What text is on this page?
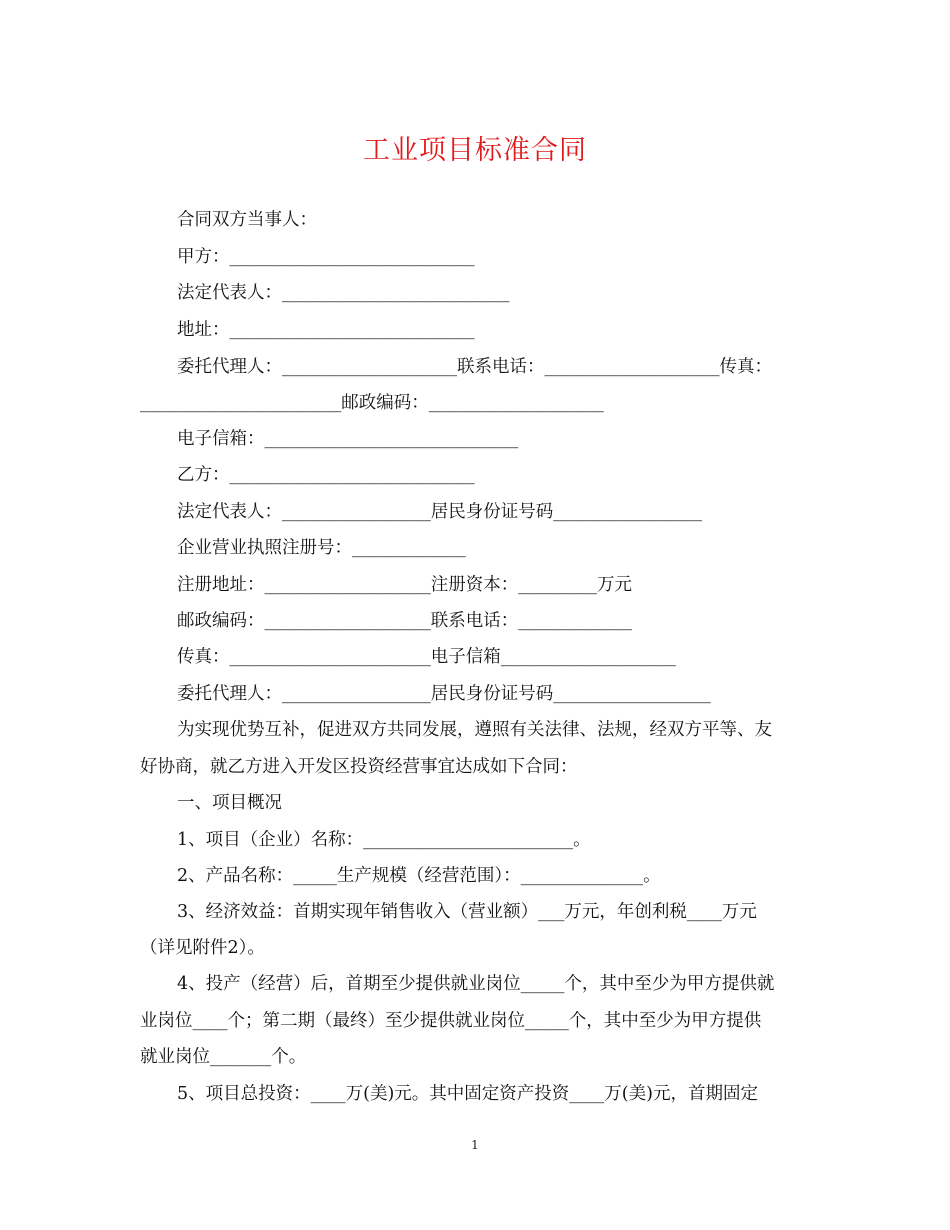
工业项目标准合同
合同双方当事人：
甲方：____________________________
法定代表人：__________________________
地址：____________________________
委托代理人：____________________联系电话：____________________传真：
_______________________邮政编码：____________________
电子信箱：_____________________________
乙方：____________________________
法定代表人：_________________居民身份证号码_________________
企业营业执照注册号：_____________
注册地址：___________________注册资本：_________万元
邮政编码：___________________联系电话：_____________
传真：_______________________电子信箱____________________
委托代理人：_________________居民身份证号码__________________
为实现优势互补，促进双方共同发展，遵照有关法律、法规，经双方平等、友
好协商，就乙方进入开发区投资经营事宜达成如下合同：
一、项目概况
1、项目（企业）名称：________________________。
2、产品名称：_____生产规模（经营范围）：______________。
3、经济效益：首期实现年销售收入（营业额）___万元，年创利税____万元
（详见附件2）。
4、投产（经营）后，首期至少提供就业岗位_____个，其中至少为甲方提供就
业岗位____个；第二期（最终）至少提供就业岗位_____个，其中至少为甲方提供
就业岗位_______个。
5、项目总投资：____万(美)元。其中固定资产投资____万(美)元，首期固定
1
